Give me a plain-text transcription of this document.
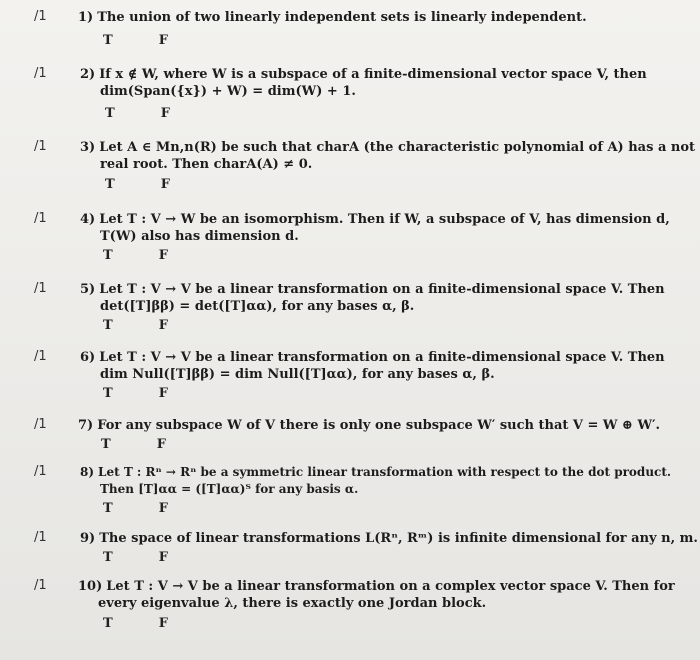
/1 1) The union of two linearly independent sets is linearly independent.
T	F
/1	2) If x ∉ W, where W is a subspace of a finite-dimensional vector space V, then
dim(Span({x}) + W) = dim(W) + 1.
T	F
/1	3) Let A ∈ Mn,n(R) be such that charA (the characteristic polynomial of A) has a not
real root. Then charA(A) ≠ 0.
T	F
/1	4) Let T : V → W be an isomorphism. Then if W, a subspace of V, has dimension d,
T(W) also has dimension d.
T	F
/1	5) Let T : V → V be a linear transformation on a finite-dimensional space V. Then
det([T]ββ) = det([T]αα), for any bases α, β.
T	F
/1	6) Let T : V → V be a linear transformation on a finite-dimensional space V. Then
dim Null([T]ββ) = dim Null([T]αα), for any bases α, β.
T	F
/1 7) For any subspace W of V there is only one subspace W′ such that V = W ⊕ W′.
T	F
/1	8) Let T : Rⁿ → Rⁿ be a symmetric linear transformation with respect to the dot product.
Then [T]αα = ([T]αα)ᵀ for any basis α.
T	F
/1	9) The space of linear transformations L(Rⁿ, Rᵐ) is infinite dimensional for any n, m.
T	F
/1 10) Let T : V → V be a linear transformation on a complex vector space V. Then for
every eigenvalue λ, there is exactly one Jordan block.
T	F
